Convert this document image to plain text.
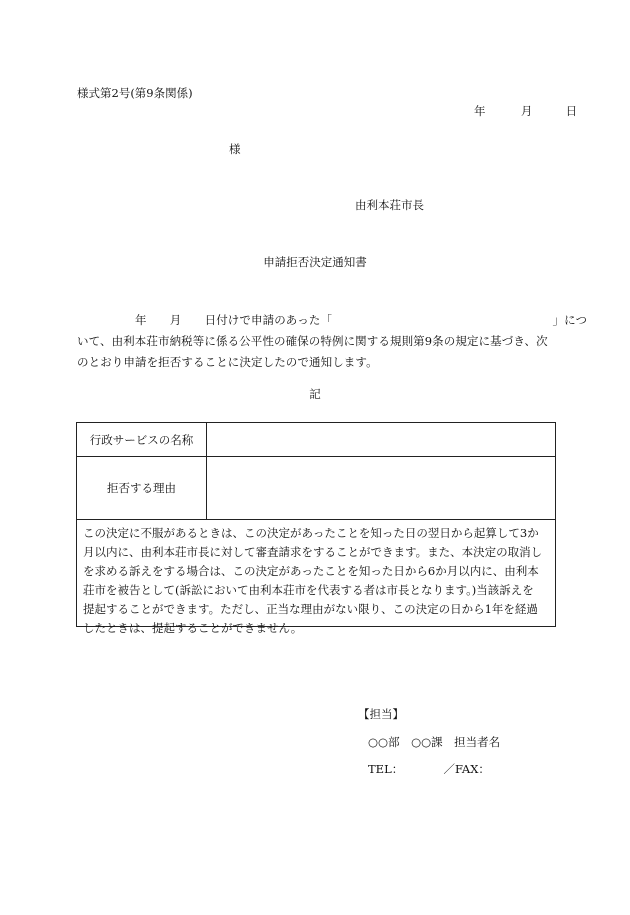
様式第2号(第9条関係)
年	月	日
様
由利本荘市長
申請拒否決定通知書
　　　　　年　　月　　日付けで申請のあった「　　　　　　　　　　　　　　　　　　　」につ
いて、由利本荘市納税等に係る公平性の確保の特例に関する規則第9条の規定に基づき、次
のとおり申請を拒否することに決定したので通知します。
記
行政サービスの名称
拒否する理由
この決定に不服があるときは、この決定があったことを知った日の翌日から起算して3か
月以内に、由利本荘市長に対して審査請求をすることができます。また、本決定の取消し
を求める訴えをする場合は、この決定があったことを知った日から6か月以内に、由利本
荘市を被告として(訴訟において由利本荘市を代表する者は市長となります。)当該訴えを
提起することができます。ただし、正当な理由がない限り、この決定の日から1年を経過
したときは、提起することができません。
【担当】
○○部　○○課　担当者名
TEL：　　　　／FAX：
